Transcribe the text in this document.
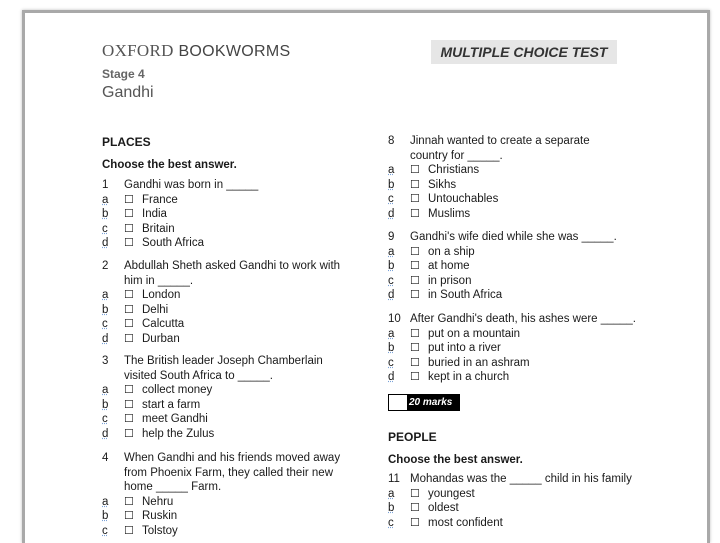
OXFORD BOOKWORMS	MULTIPLE CHOICE TEST
Stage 4
Gandhi
PLACES
Choose the best answer.
1 Gandhi was born in _____
a ☐ France
b ☐ India
c ☐ Britain
d ☐ South Africa
2 Abdullah Sheth asked Gandhi to work with him in _____.
a ☐ London
b ☐ Delhi
c ☐ Calcutta
d ☐ Durban
3 The British leader Joseph Chamberlain visited South Africa to _____.
a ☐ collect money
b ☐ start a farm
c ☐ meet Gandhi
d ☐ help the Zulus
4 When Gandhi and his friends moved away from Phoenix Farm, they called their new home _____ Farm.
a ☐ Nehru
b ☐ Ruskin
c ☐ Tolstoy
8 Jinnah wanted to create a separate country for _____.
a ☐ Christians
b ☐ Sikhs
c ☐ Untouchables
d ☐ Muslims
9 Gandhi's wife died while she was _____.
a ☐ on a ship
b ☐ at home
c ☐ in prison
d ☐ in South Africa
10 After Gandhi's death, his ashes were _____.
a ☐ put on a mountain
b ☐ put into a river
c ☐ buried in an ashram
d ☐ kept in a church
20 marks
PEOPLE
Choose the best answer.
11 Mohandas was the _____ child in his family
a ☐ youngest
b ☐ oldest
c ☐ most confident
